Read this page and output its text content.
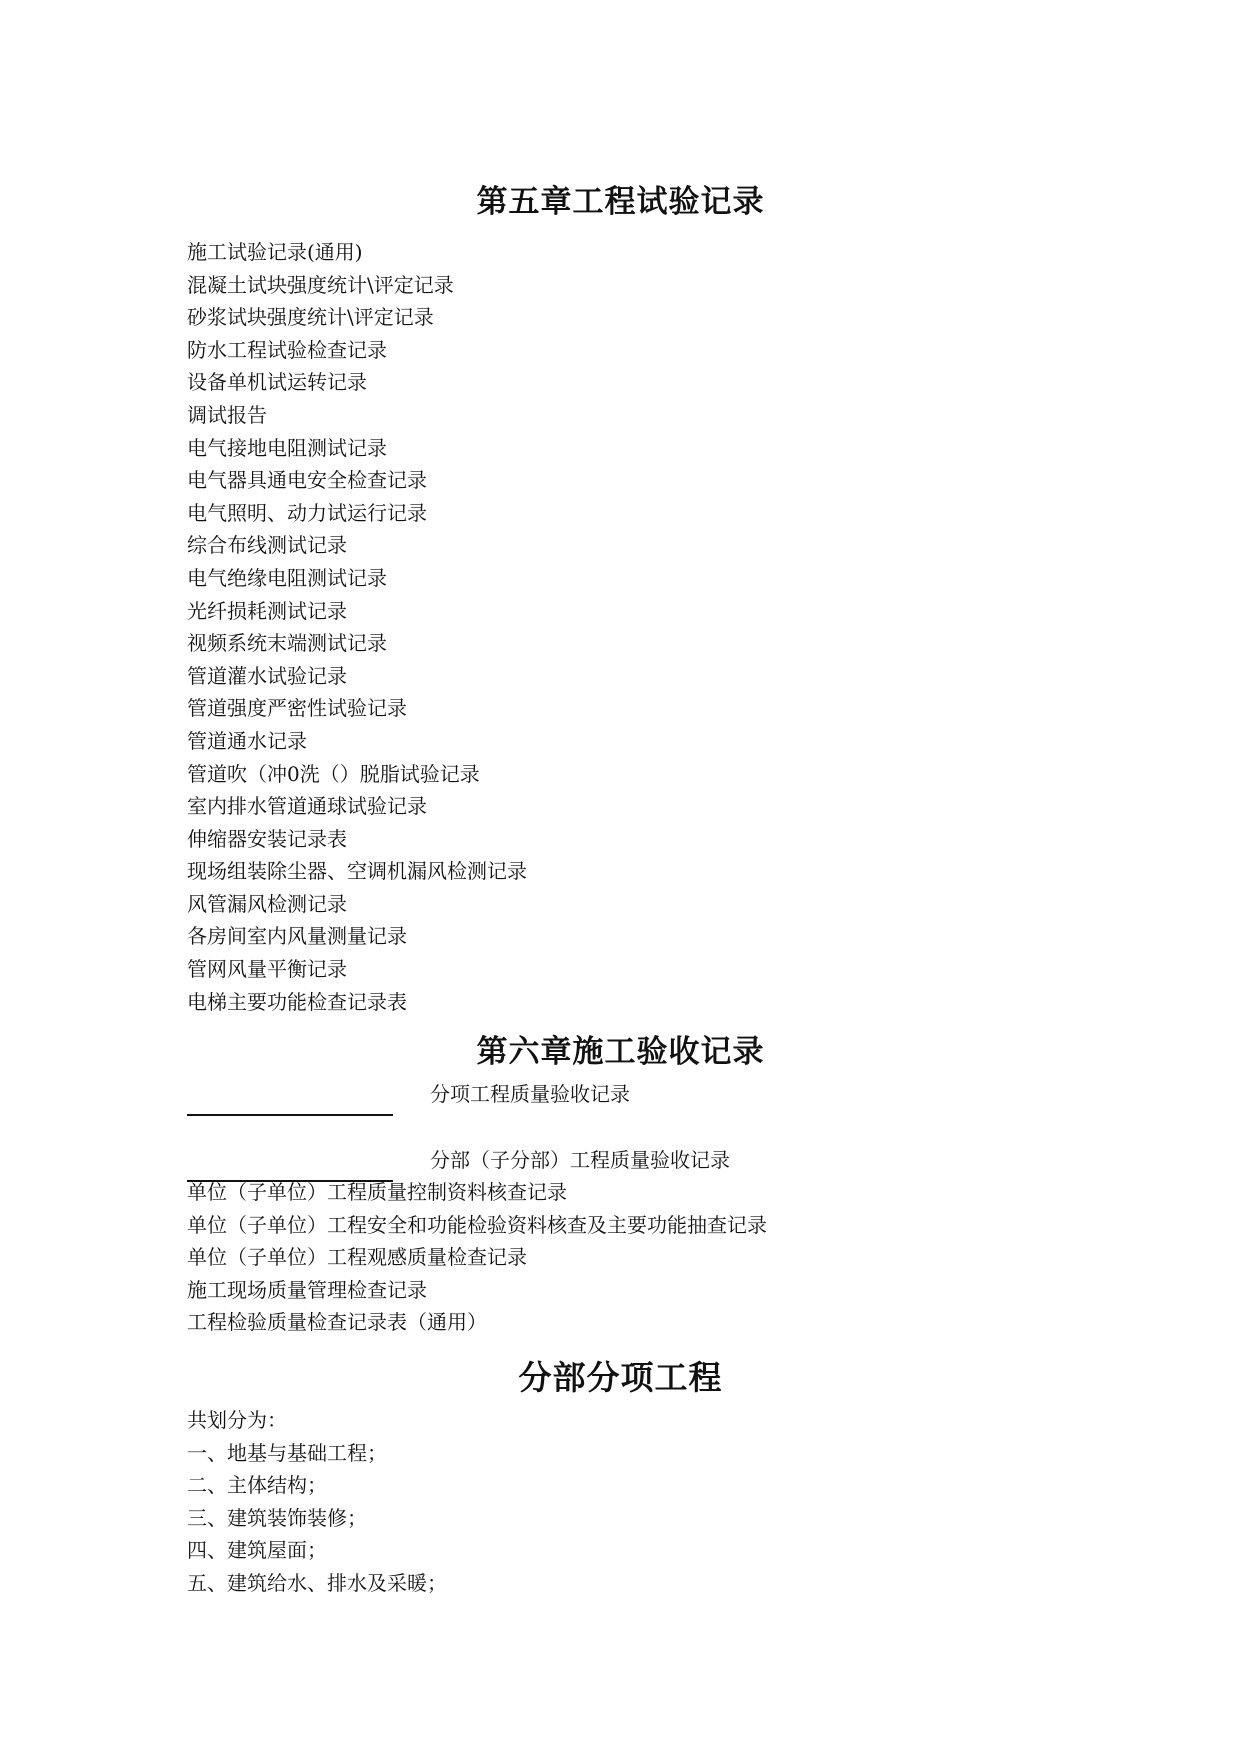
第五章工程试验记录
施工试验记录(通用)
混凝土试块强度统计\评定记录
砂浆试块强度统计\评定记录
防水工程试验检查记录
设备单机试运转记录
调试报告
电气接地电阻测试记录
电气器具通电安全检查记录
电气照明、动力试运行记录
综合布线测试记录
电气绝缘电阻测试记录
光纤损耗测试记录
视频系统末端测试记录
管道灌水试验记录
管道强度严密性试验记录
管道通水记录
管道吹（冲0洗（）脱脂试验记录
室内排水管道通球试验记录
伸缩器安装记录表
现场组装除尘器、空调机漏风检测记录
风管漏风检测记录
各房间室内风量测量记录
管网风量平衡记录
电梯主要功能检查记录表
第六章施工验收记录
分项工程质量验收记录
分部（子分部）工程质量验收记录
单位（子单位）工程质量控制资料核查记录
单位（子单位）工程安全和功能检验资料核查及主要功能抽查记录
单位（子单位）工程观感质量检查记录
施工现场质量管理检查记录
工程检验质量检查记录表（通用）
分部分项工程
共划分为：
一、地基与基础工程；
二、主体结构；
三、建筑装饰装修；
四、建筑屋面；
五、建筑给水、排水及采暖；
